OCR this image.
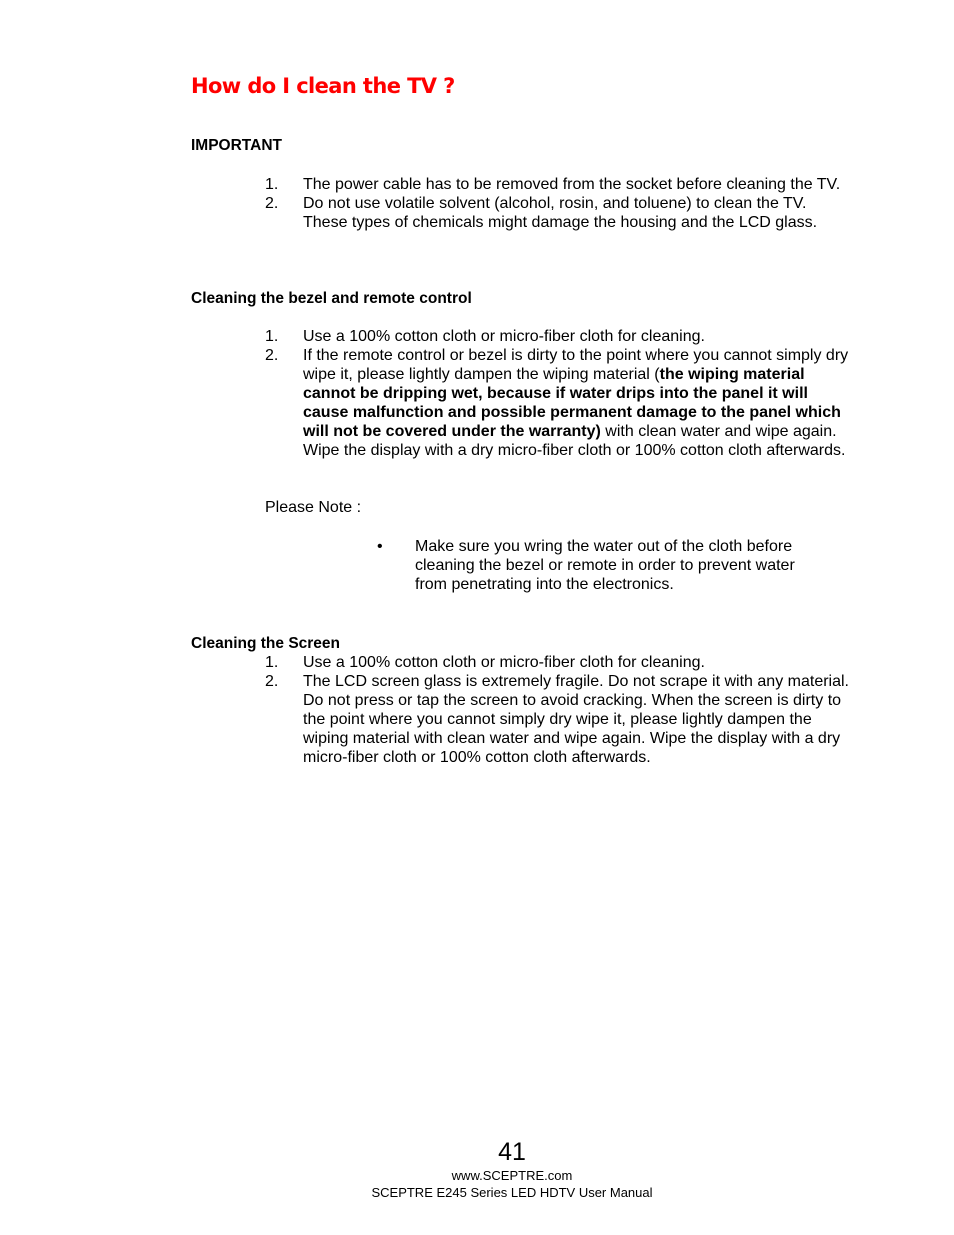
How do I clean the TV ?

IMPORTANT

1. The power cable has to be removed from the socket before cleaning the TV.
2. Do not use volatile solvent (alcohol, rosin, and toluene) to clean the TV. These types of chemicals might damage the housing and the LCD glass.

Cleaning the bezel and remote control

1. Use a 100% cotton cloth or micro-fiber cloth for cleaning.
2. If the remote control or bezel is dirty to the point where you cannot simply dry wipe it, please lightly dampen the wiping material (the wiping material cannot be dripping wet, because if water drips into the panel it will cause malfunction and possible permanent damage to the panel which will not be covered under the warranty) with clean water and wipe again. Wipe the display with a dry micro-fiber cloth or 100% cotton cloth afterwards.

Please Note :

• Make sure you wring the water out of the cloth before cleaning the bezel or remote in order to prevent water from penetrating into the electronics.

Cleaning the Screen

1. Use a 100% cotton cloth or micro-fiber cloth for cleaning.
2. The LCD screen glass is extremely fragile. Do not scrape it with any material. Do not press or tap the screen to avoid cracking. When the screen is dirty to the point where you cannot simply dry wipe it, please lightly dampen the wiping material with clean water and wipe again. Wipe the display with a dry micro-fiber cloth or 100% cotton cloth afterwards.
41
www.SCEPTRE.com
SCEPTRE E245 Series LED HDTV User Manual
